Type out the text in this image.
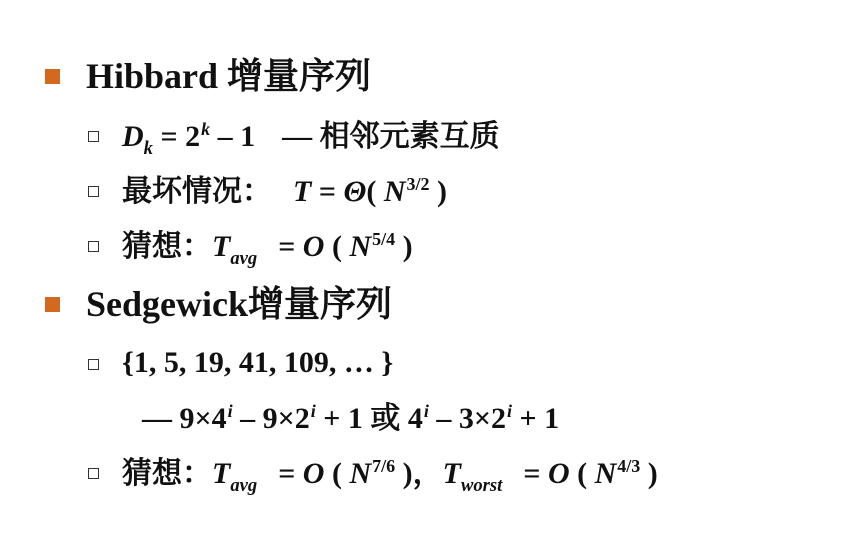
Hibbard 增量序列
$D_k = 2^k - 1$ — 相邻元素互质
最坏情况： T = Θ( $N^{3/2}$ )
猜想：$T_{avg} = O$ ( $N^{5/4}$ )
Sedgewick增量序列
{1, 5, 19, 41, 109, … }
— $9\times 4^i - 9\times 2^i + 1$ 或 $4^i - 3\times 2^i + 1$
猜想：$T_{avg} = O$ ( $N^{7/6}$ )，$T_{worst} = O$ ( $N^{4/3}$ )
